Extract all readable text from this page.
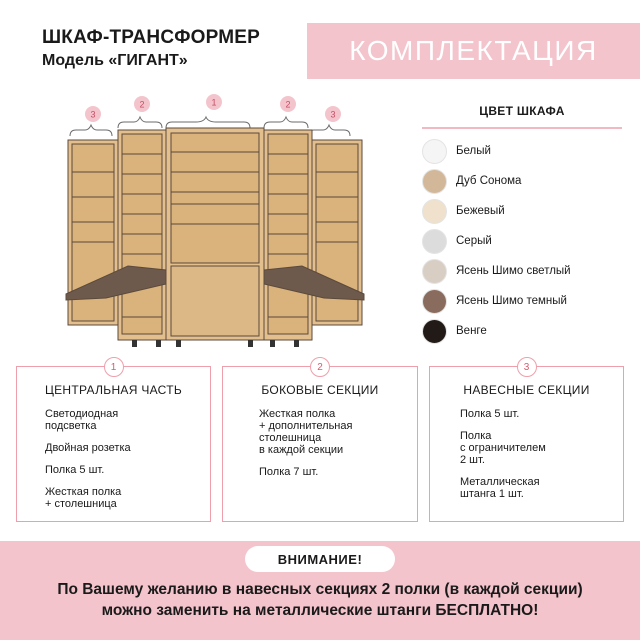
ШКАФ-ТРАНСФОРМЕР
Модель «ГИГАНТ»	КОМПЛЕКТАЦИЯ
3
2	1	2
3	ЦВЕТ ШКАФА
Белый
Дуб Сонома
Бежевый
Серый
Ясень Шимо светлый
Ясень Шимо темный
Венге
1
ЦЕНТРАЛЬНАЯ ЧАСТЬ
Светодиодная
подсветка
Двойная розетка
Полка 5 шт.
Жесткая полка
+ столешница
2
БОКОВЫЕ СЕКЦИИ
Жесткая полка
+ дополнительная
столешница
в каждой секции
Полка 7 шт.
3
НАВЕСНЫЕ СЕКЦИИ
Полка 5 шт.
Полка
с ограничителем
2 шт.
Металлическая
штанга 1 шт.
ВНИМАНИЕ!
По Вашему желанию в навесных секциях 2 полки (в каждой секции)
можно заменить на металлические штанги БЕСПЛАТНО!
